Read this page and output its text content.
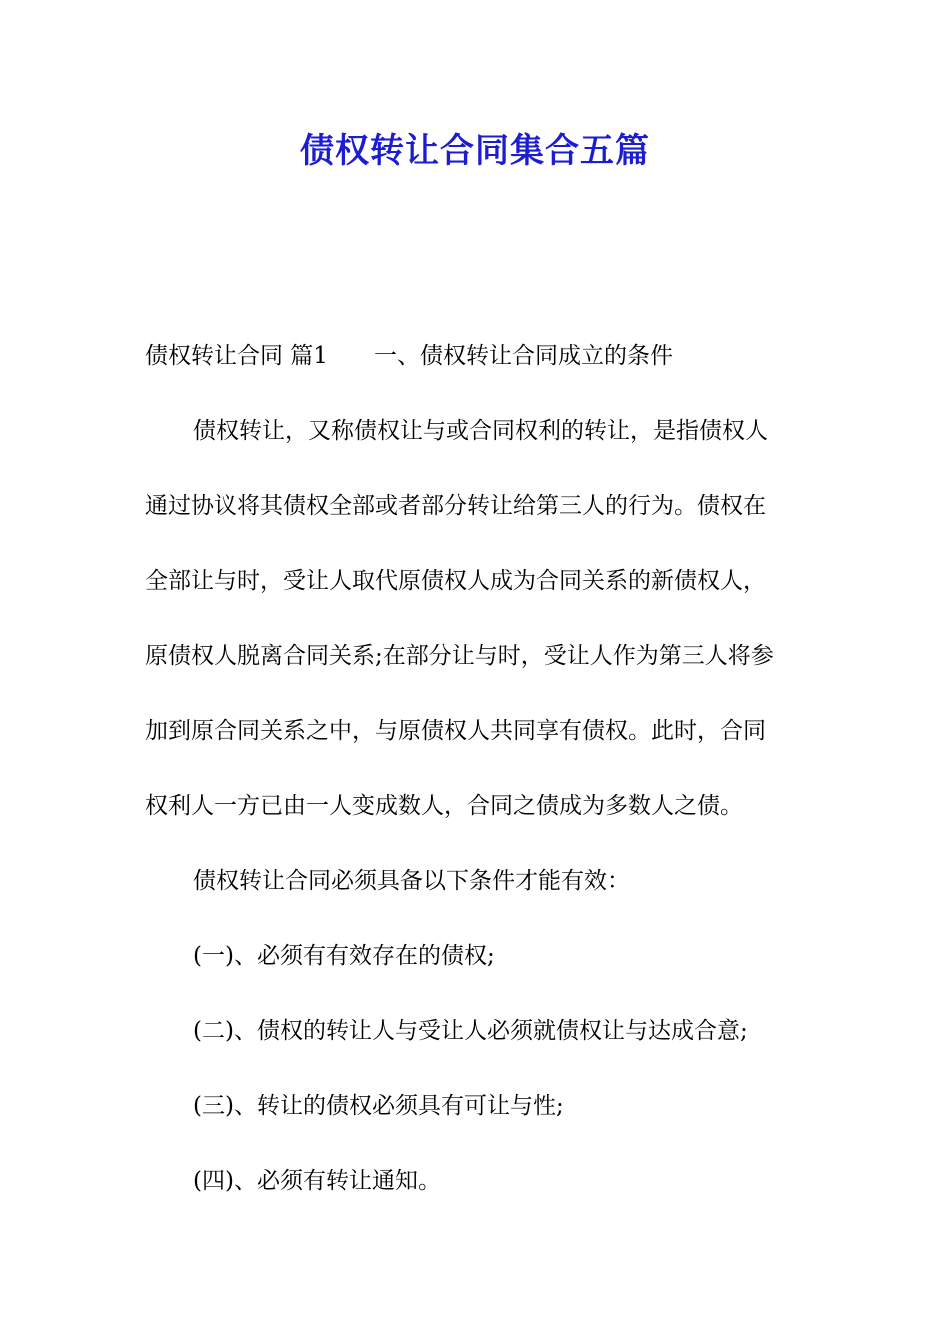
债权转让合同集合五篇
债权转让合同 篇1 一、债权转让合同成立的条件
债权转让，又称债权让与或合同权利的转让，是指债权人
通过协议将其债权全部或者部分转让给第三人的行为。债权在
全部让与时，受让人取代原债权人成为合同关系的新债权人，
原债权人脱离合同关系;在部分让与时，受让人作为第三人将参
加到原合同关系之中，与原债权人共同享有债权。此时，合同
权利人一方已由一人变成数人，合同之债成为多数人之债。
债权转让合同必须具备以下条件才能有效：
(一)、必须有有效存在的债权;
(二)、债权的转让人与受让人必须就债权让与达成合意;
(三)、转让的债权必须具有可让与性;
(四)、必须有转让通知。
